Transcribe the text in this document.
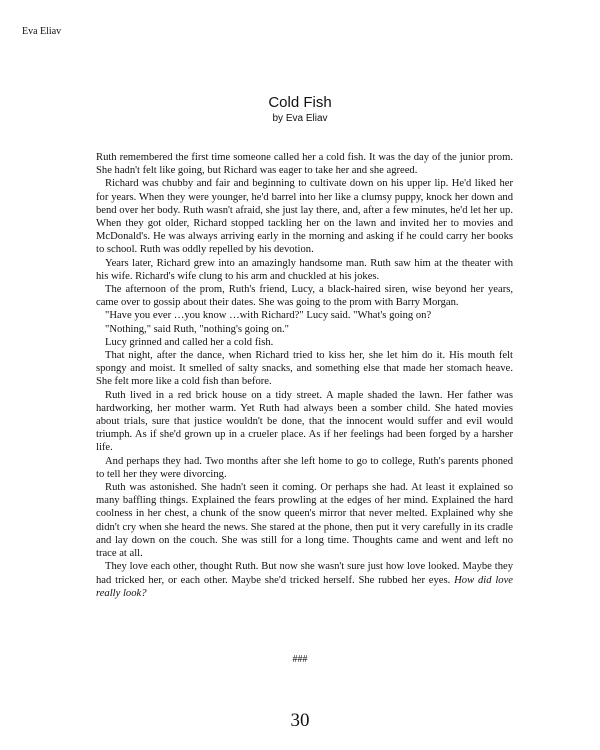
Eva Eliav
Cold Fish
by Eva Eliav

Ruth remembered the first time someone called her a cold fish. It was the day of the junior prom. She hadn't felt like going, but Richard was eager to take her and she agreed.

Richard was chubby and fair and beginning to cultivate down on his upper lip. He'd liked her for years. When they were younger, he'd barrel into her like a clumsy puppy, knock her down and bend over her body. Ruth wasn't afraid, she just lay there, and, after a few minutes, he'd let her up. When they got older, Richard stopped tackling her on the lawn and invited her to movies and McDonald's. He was always arriving early in the morning and asking if he could carry her books to school. Ruth was oddly repelled by his devotion.

Years later, Richard grew into an amazingly handsome man. Ruth saw him at the theater with his wife. Richard's wife clung to his arm and chuckled at his jokes.

The afternoon of the prom, Ruth's friend, Lucy, a black-haired siren, wise beyond her years, came over to gossip about their dates. She was going to the prom with Barry Morgan.

"Have you ever …you know …with Richard?" Lucy said. "What's going on?

"Nothing," said Ruth, "nothing's going on."

Lucy grinned and called her a cold fish.

That night, after the dance, when Richard tried to kiss her, she let him do it. His mouth felt spongy and moist. It smelled of salty snacks, and something else that made her stomach heave. She felt more like a cold fish than before.

Ruth lived in a red brick house on a tidy street. A maple shaded the lawn. Her father was hardworking, her mother warm. Yet Ruth had always been a somber child. She hated movies about trials, sure that justice wouldn't be done, that the innocent would suffer and evil would triumph. As if she'd grown up in a crueler place. As if her feelings had been forged by a harsher life.

And perhaps they had. Two months after she left home to go to college, Ruth's parents phoned to tell her they were divorcing.

Ruth was astonished. She hadn't seen it coming. Or perhaps she had. At least it explained so many baffling things. Explained the fears prowling at the edges of her mind. Explained the hard coolness in her chest, a chunk of the snow queen's mirror that never melted. Explained why she didn't cry when she heard the news. She stared at the phone, then put it very carefully in its cradle and lay down on the couch. She was still for a long time. Thoughts came and went and left no trace at all.

They love each other, thought Ruth. But now she wasn't sure just how love looked. Maybe they had tricked her, or each other. Maybe she'd tricked herself. She rubbed her eyes. How did love really look?

###
30
